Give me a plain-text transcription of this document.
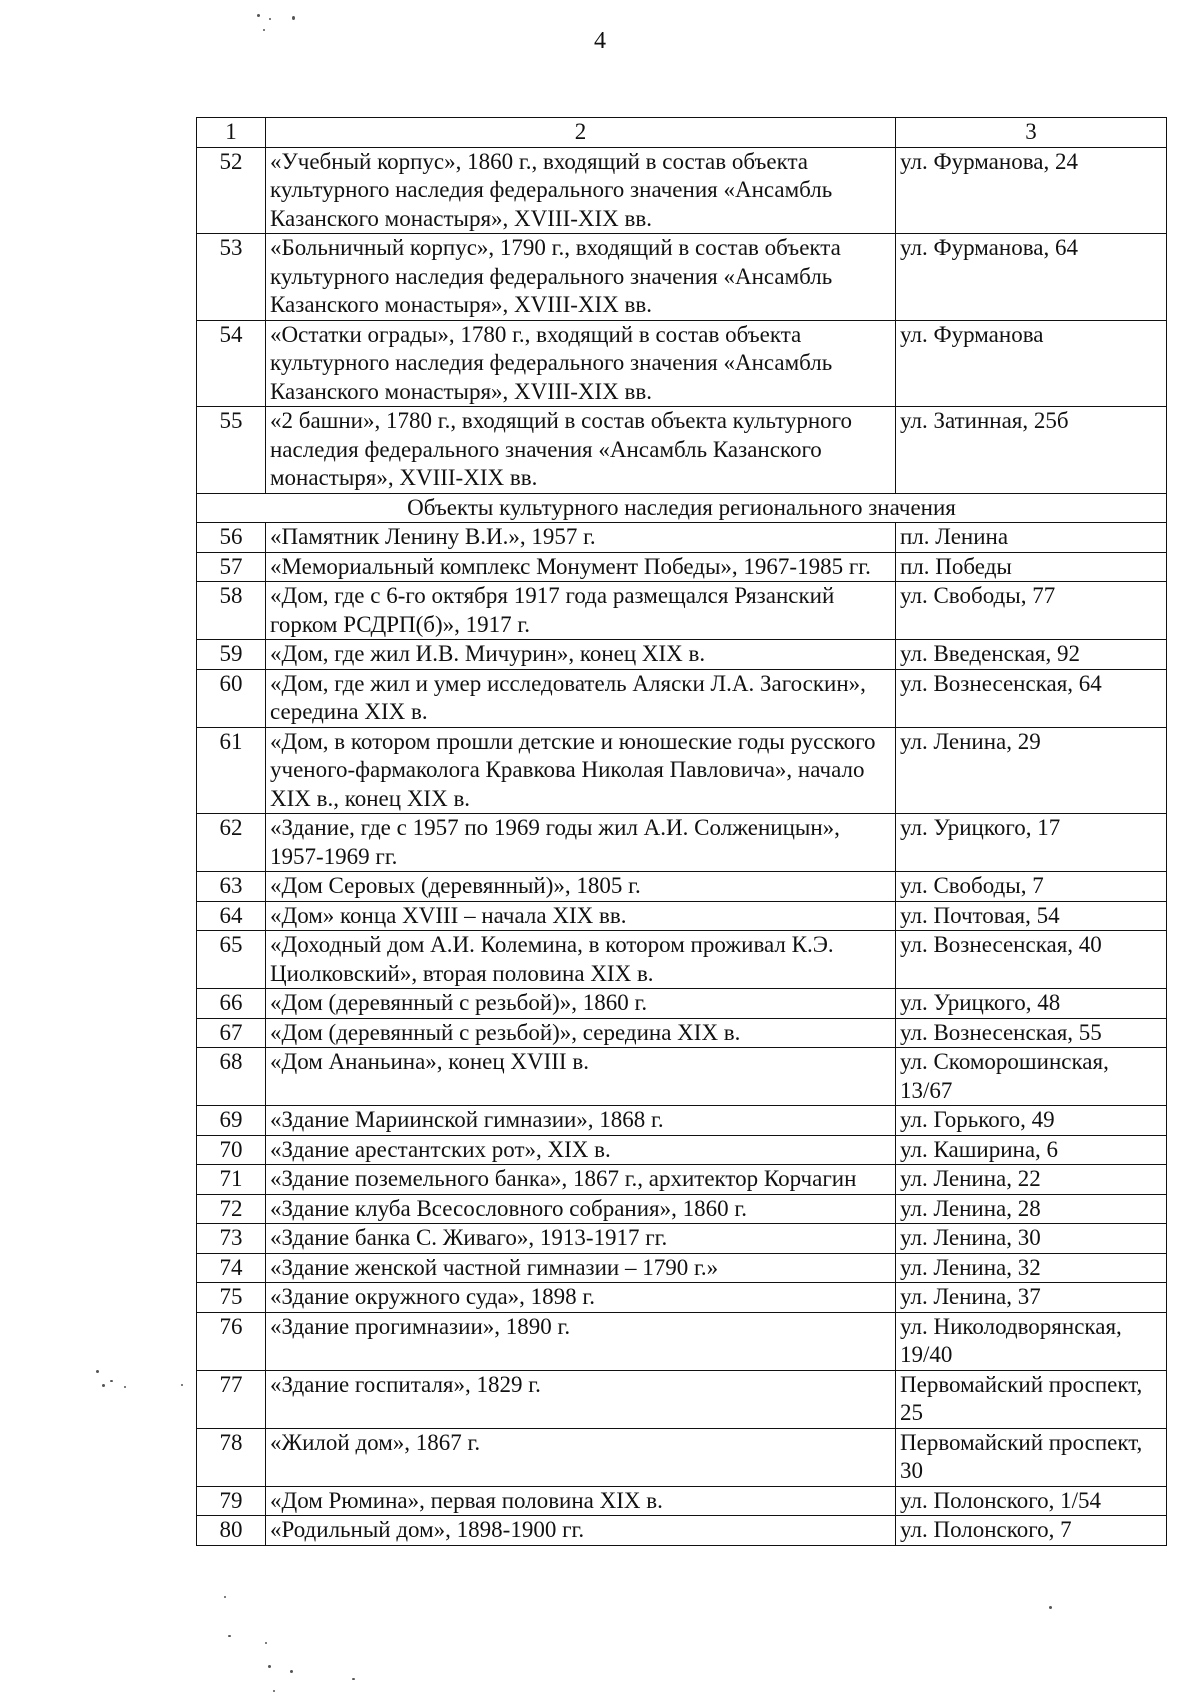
4
1	2	3
52	«Учебный корпус», 1860 г., входящий в состав объекта культурного наследия федерального значения «Ансамбль Казанского монастыря», XVIII-XIX вв.	ул. Фурманова, 24
53	«Больничный корпус», 1790 г., входящий в состав объекта культурного наследия федерального значения «Ансамбль Казанского монастыря», XVIII-XIX вв.	ул. Фурманова, 64
54	«Остатки ограды», 1780 г., входящий в состав объекта культурного наследия федерального значения «Ансамбль Казанского монастыря», XVIII-XIX вв.	ул. Фурманова
55	«2 башни», 1780 г., входящий в состав объекта культурного наследия федерального значения «Ансамбль Казанского монастыря», XVIII-XIX вв.	ул. Затинная, 25б
Объекты культурного наследия регионального значения		
56	«Памятник Ленину В.И.», 1957 г.	пл. Ленина
57	«Мемориальный комплекс Монумент Победы», 1967-1985 гг.	пл. Победы
58	«Дом, где с 6-го октября 1917 года размещался Рязанский горком РСДРП(б)», 1917 г.	ул. Свободы, 77
59	«Дом, где жил И.В. Мичурин», конец XIX в.	ул. Введенская, 92
60	«Дом, где жил и умер исследователь Аляски Л.А. Загоскин», середина XIX в.	ул. Вознесенская, 64
61	«Дом, в котором прошли детские и юношеские годы русского ученого-фармаколога Кравкова Николая Павловича», начало XIX в., конец XIX в.	ул. Ленина, 29
62	«Здание, где с 1957 по 1969 годы жил А.И. Солженицын», 1957-1969 гг.	ул. Урицкого, 17
63	«Дом Серовых (деревянный)», 1805 г.	ул. Свободы, 7
64	«Дом» конца XVIII – начала XIX вв.	ул. Почтовая, 54
65	«Доходный дом А.И. Колемина, в котором проживал К.Э. Циолковский», вторая половина XIX в.	ул. Вознесенская, 40
66	«Дом (деревянный с резьбой)», 1860 г.	ул. Урицкого, 48
67	«Дом (деревянный с резьбой)», середина XIX в.	ул. Вознесенская, 55
68	«Дом Ананьина», конец XVIII в.	ул. Скоморошинская, 13/67
69	«Здание Мариинской гимназии», 1868 г.	ул. Горького, 49
70	«Здание арестантских рот», XIX в.	ул. Каширина, 6
71	«Здание поземельного банка», 1867 г., архитектор Корчагин	ул. Ленина, 22
72	«Здание клуба Всесословного собрания», 1860 г.	ул. Ленина, 28
73	«Здание банка С. Живаго», 1913-1917 гг.	ул. Ленина, 30
74	«Здание женской частной гимназии – 1790 г.»	ул. Ленина, 32
75	«Здание окружного суда», 1898 г.	ул. Ленина, 37
76	«Здание прогимназии», 1890 г.	ул. Николодворянская, 19/40
77	«Здание госпиталя», 1829 г.	Первомайский проспект, 25
78	«Жилой дом», 1867 г.	Первомайский проспект, 30
79	«Дом Рюмина», первая половина XIX в.	ул. Полонского, 1/54
80	«Родильный дом», 1898-1900 гг.	ул. Полонского, 7
